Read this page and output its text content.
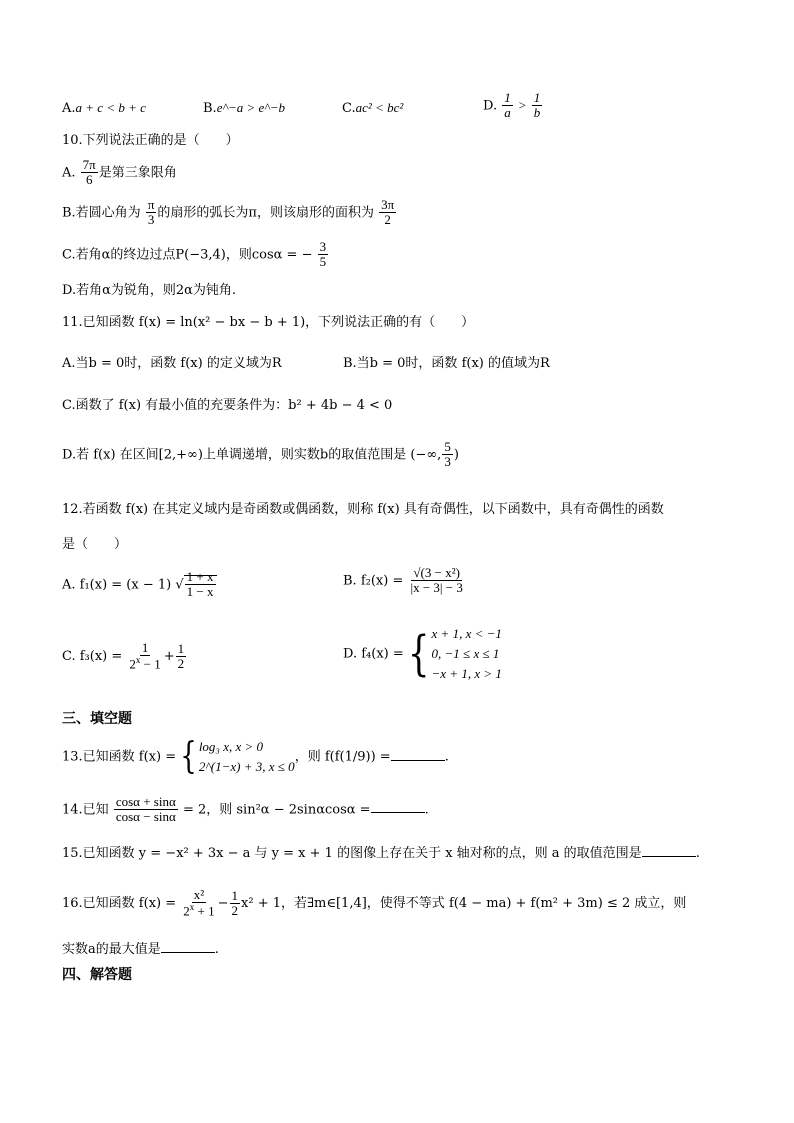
A.a + c < b + c	B.e^−a > e^−b	C.ac² < bc²	D. $\frac{1}{a} > \frac{1}{b}$
10.下列说法正确的是（　　）
A. $\frac{7\pi}{6}$ 是第三象限角
B.若圆心角为 $\frac{\pi}{3}$ 的扇形的弧长为π，则该扇形的面积为 $\frac{3\pi}{2}$
C.若角α的终边过点P(−3,4)，则cosα = − $\frac{3}{5}$
D.若角α为锐角，则2α为钝角.
11.已知函数 f(x) = ln(x² − bx − b + 1)，下列说法正确的有（　　）
A.当b = 0时，函数 f(x) 的定义域为R	B.当b = 0时，函数 f(x) 的值域为R
C.函数了 f(x) 有最小值的充要条件为：b² + 4b − 4 < 0
D.若 f(x) 在区间[2,+∞)上单调递增，则实数b的取值范围是 (−∞, $\frac{5}{3}$ )
12.若函数 f(x) 在其定义域内是奇函数或偶函数，则称 f(x) 具有奇偶性，以下函数中，具有奇偶性的函数
是（　　）
A. f₁(x) = (x − 1) √ $\frac{1 + x}{1 - x}$	B. $f_2(x) = \frac{\text{√(3 − x²)}}{|x - 3| - 3}$
C. $f_3(x) = \frac{1}{2^x - 1} + \frac{1}{2}$	D. f₄(x) = { x + 1, x < −1
0, −1 ≤ x ≤ 1
−x + 1, x > 1
三、填空题
13.已知函数 f(x) = { log₃ x, x > 0
2^(1−x) + 3, x ≤ 0
，则 f(f(1/9)) =	.
14.已知 $\frac{\cos\alpha + \sin\alpha}{\cos\alpha - \sin\alpha} = 2$，则 sin²α − 2sinαcosα =	.
15.已知函数 y = −x² + 3x − a 与 y = x + 1 的图像上存在关于 x 轴对称的点，则 a 的取值范围是	.
16.已知函数 $f(x) = \frac{\text{x²}}{2^x + 1} - \frac{1}{2} x^2 + 1$，若∃m∈[1,4]，使得不等式 f(4 − ma) + f(m² + 3m) ≤ 2 成立，则
实数a的最大值是	.
四、解答题
